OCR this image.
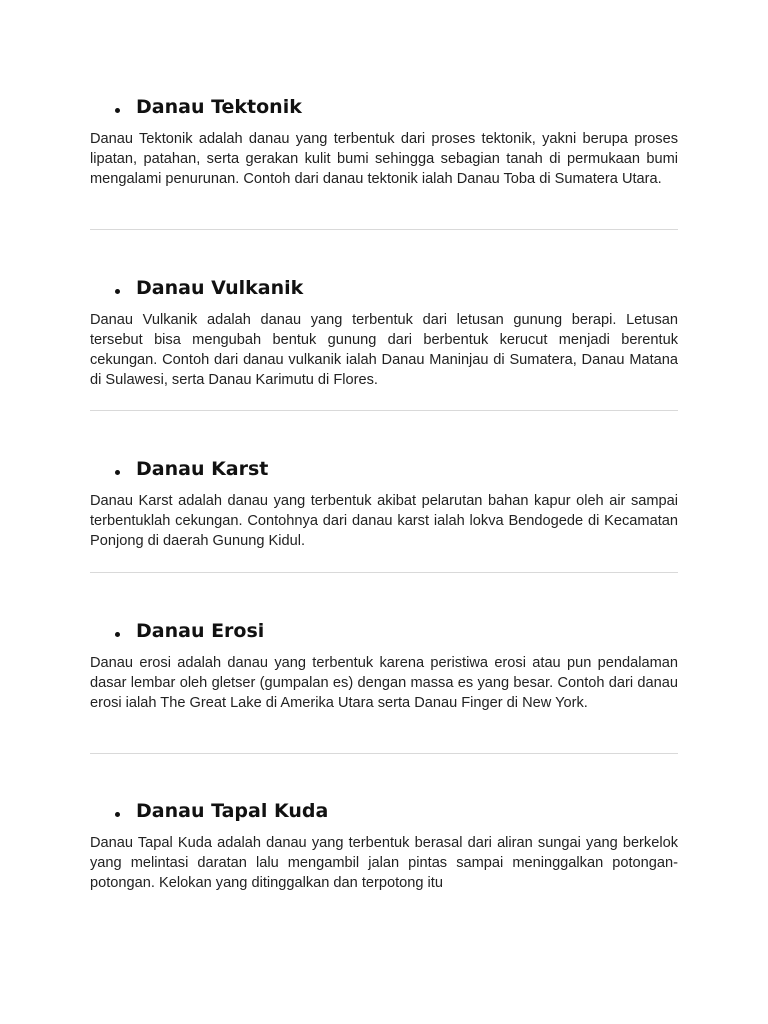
Danau Tektonik

Danau Tektonik adalah danau yang terbentuk dari proses tektonik, yakni berupa proses lipatan, patahan, serta gerakan kulit bumi sehingga sebagian tanah di permukaan bumi mengalami penurunan. Contoh dari danau tektonik ialah Danau Toba di Sumatera Utara.

Danau Vulkanik

Danau Vulkanik adalah danau yang terbentuk dari letusan gunung berapi. Letusan tersebut bisa mengubah bentuk gunung dari berbentuk kerucut menjadi berentuk cekungan. Contoh dari danau vulkanik ialah Danau Maninjau di Sumatera, Danau Matana di Sulawesi, serta Danau Karimutu di Flores.

Danau Karst

Danau Karst adalah danau yang terbentuk akibat pelarutan bahan kapur oleh air sampai terbentuklah cekungan. Contohnya dari danau karst ialah lokva Bendogede di Kecamatan Ponjong di daerah Gunung Kidul.

Danau Erosi

Danau erosi adalah danau yang terbentuk karena peristiwa erosi atau pun pendalaman dasar lembar oleh gletser (gumpalan es) dengan massa es yang besar. Contoh dari danau erosi ialah The Great Lake di Amerika Utara serta Danau Finger di New York.

Danau Tapal Kuda

Danau Tapal Kuda adalah danau yang terbentuk berasal dari aliran sungai yang berkelok yang melintasi daratan lalu mengambil jalan pintas sampai meninggalkan potongan-potongan. Kelokan yang ditinggalkan dan terpotong itu
